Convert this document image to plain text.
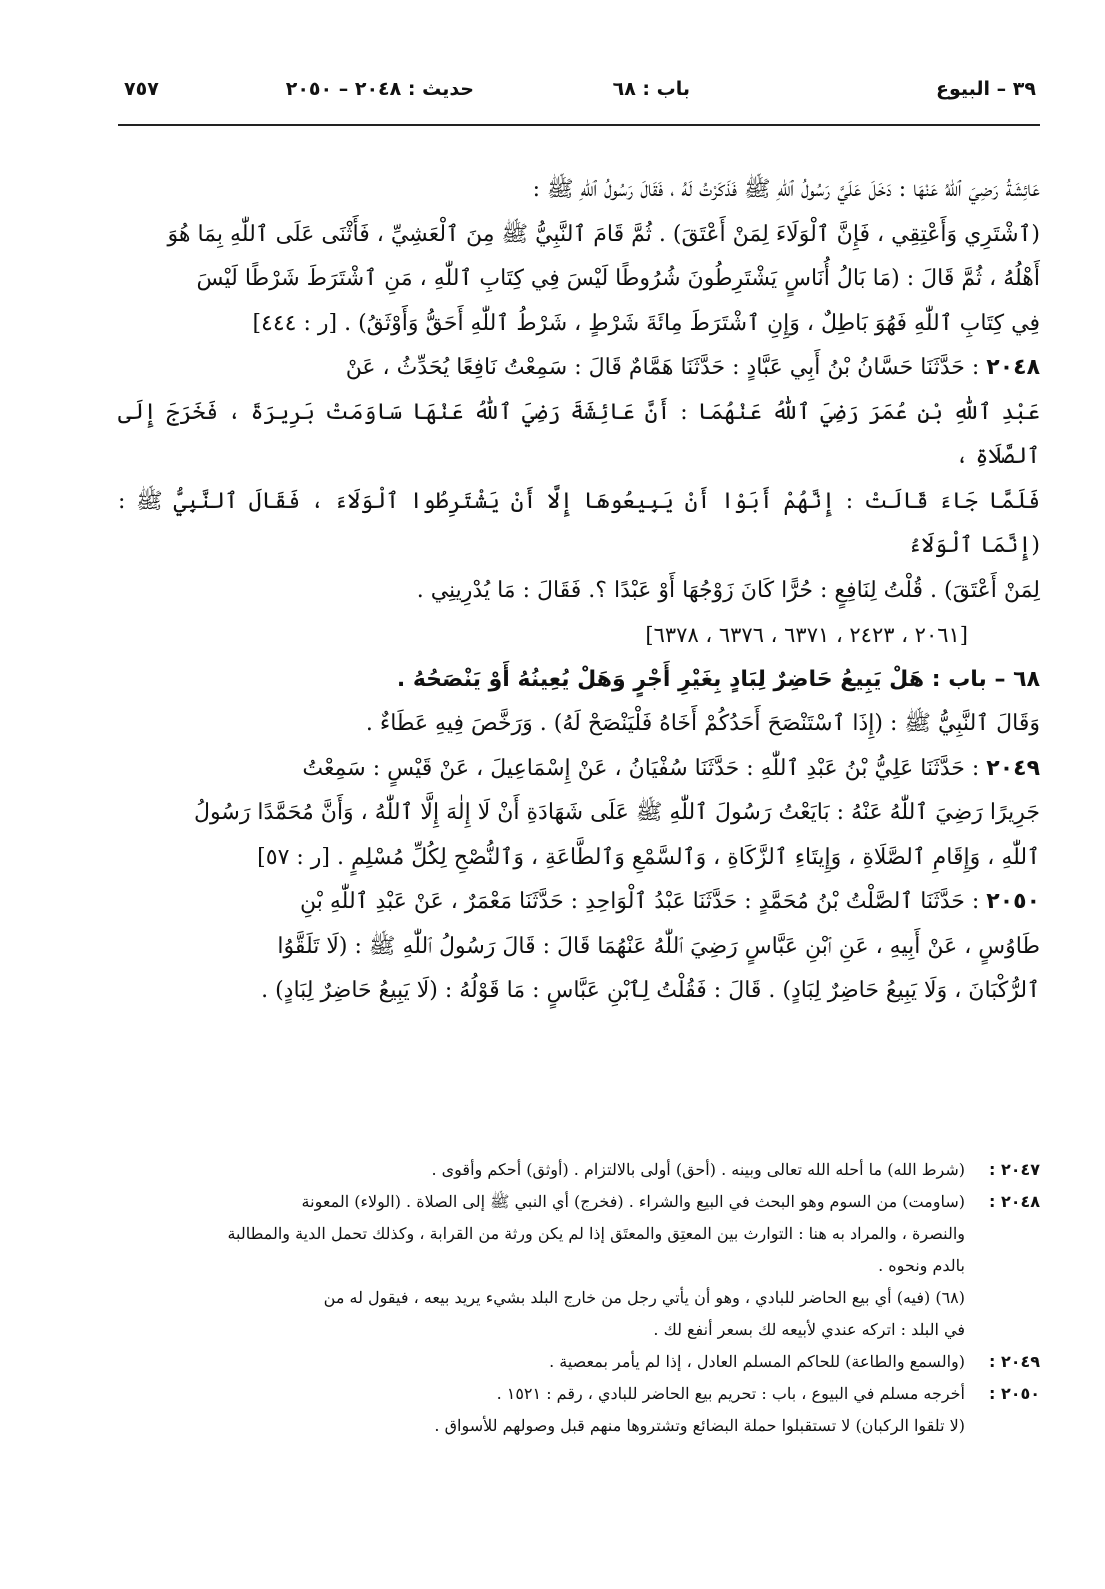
٣٩ – البيوع
باب : ٦٨
حديث : ٢٠٤٨ – ٢٠٥٠
٧٥٧

عَائِشَةُ رَضِيَ ٱللّٰهُ عَنْهَا : دَخَلَ عَلَيَّ رَسُولُ ٱللّٰهِ ﷺ فَذَكَرْتُ لَهُ ، فَقَالَ رَسُولُ ٱللّٰهِ ﷺ :

(ٱشْتَرِي وَأَعْتِقِي ، فَإِنَّ ٱلْوَلَاءَ لِمَنْ أَعْتَقَ) . ثُمَّ قَامَ ٱلنَّبِيُّ ﷺ مِنَ ٱلْعَشِيِّ ، فَأَثْنَى عَلَى ٱللّٰهِ بِمَا هُوَ

أَهْلُهُ ، ثُمَّ قَالَ : (مَا بَالُ أُنَاسٍ يَشْتَرِطُونَ شُرُوطًا لَيْسَ فِي كِتَابِ ٱللّٰهِ ، مَنِ ٱشْتَرَطَ شَرْطًا لَيْسَ

فِي كِتَابِ ٱللّٰهِ فَهُوَ بَاطِلٌ ، وَإِنِ ٱشْتَرَطَ مِائَةَ شَرْطٍ ، شَرْطُ ٱللّٰهِ أَحَقُّ وَأَوْثَقُ) . [ر : ٤٤٤]

٢٠٤٨ : حَدَّثَنَا حَسَّانُ بْنُ أَبِي عَبَّادٍ : حَدَّثَنَا هَمَّامٌ قَالَ : سَمِعْتُ نَافِعًا يُحَدِّثُ ، عَنْ

عَبْدِ ٱللّٰهِ بْنِ عُمَرَ رَضِيَ ٱللّٰهُ عَنْهُمَا : أَنَّ عَائِشَةَ رَضِيَ ٱللّٰهُ عَنْهَا سَاوَمَتْ بَرِيرَةَ ، فَخَرَجَ إِلَى ٱلصَّلَاةِ ،

فَلَمَّا جَاءَ قَالَتْ : إِنَّهُمْ أَبَوْا أَنْ يَبِيعُوهَا إِلَّا أَنْ يَشْتَرِطُوا ٱلْوَلَاءَ ، فَقَالَ ٱلنَّبِيُّ ﷺ : (إِنَّمَا ٱلْوَلَاءُ

لِمَنْ أَعْتَقَ) . قُلْتُ لِنَافِعٍ : حُرًّا كَانَ زَوْجُهَا أَوْ عَبْدًا ؟. فَقَالَ : مَا يُدْرِينِي .

[٢٠٦١ ، ٢٤٢٣ ، ٦٣٧١ ، ٦٣٧٦ ، ٦٣٧٨]

٦٨ – باب : هَلْ يَبِيعُ حَاضِرٌ لِبَادٍ بِغَيْرِ أَجْرٍ وَهَلْ يُعِينُهُ أَوْ يَنْصَحُهُ .

وَقَالَ ٱلنَّبِيُّ ﷺ : (إِذَا ٱسْتَنْصَحَ أَحَدُكُمْ أَخَاهُ فَلْيَنْصَحْ لَهُ) . وَرَخَّصَ فِيهِ عَطَاءٌ .

٢٠٤٩ : حَدَّثَنَا عَلِيُّ بْنُ عَبْدِ ٱللّٰهِ : حَدَّثَنَا سُفْيَانُ ، عَنْ إِسْمَاعِيلَ ، عَنْ قَيْسٍ : سَمِعْتُ

جَرِيرًا رَضِيَ ٱللّٰهُ عَنْهُ : بَايَعْتُ رَسُولَ ٱللّٰهِ ﷺ عَلَى شَهَادَةِ أَنْ لَا إِلٰهَ إِلَّا ٱللّٰهُ ، وَأَنَّ مُحَمَّدًا رَسُولُ

ٱللّٰهِ ، وَإِقَامِ ٱلصَّلَاةِ ، وَإِيتَاءِ ٱلزَّكَاةِ ، وَٱلسَّمْعِ وَٱلطَّاعَةِ ، وَٱلنُّصْحِ لِكُلِّ مُسْلِمٍ . [ر : ٥٧]

٢٠٥٠ : حَدَّثَنَا ٱلصَّلْتُ بْنُ مُحَمَّدٍ : حَدَّثَنَا عَبْدُ ٱلْوَاحِدِ : حَدَّثَنَا مَعْمَرٌ ، عَنْ عَبْدِ ٱللّٰهِ بْنِ

طَاوُسٍ ، عَنْ أَبِيهِ ، عَنِ ٱبْنِ عَبَّاسٍ رَضِيَ ٱللّٰهُ عَنْهُمَا قَالَ : قَالَ رَسُولُ ٱللّٰهِ ﷺ : (لَا تَلَقَّوُا

ٱلرُّكْبَانَ ، وَلَا يَبِيعُ حَاضِرٌ لِبَادٍ) . قَالَ : فَقُلْتُ لِٱبْنِ عَبَّاسٍ : مَا قَوْلُهُ : (لَا يَبِيعُ حَاضِرٌ لِبَادٍ) .

٢٠٤٧ :
(شرط الله) ما أحله الله تعالى وبينه . (أحق) أولى بالالتزام . (أوثق) أحكم وأقوى .
٢٠٤٨ :
(ساومت) من السوم وهو البحث في البيع والشراء . (فخرج) أي النبي ﷺ إلى الصلاة . (الولاء) المعونة
والنصرة ، والمراد به هنا : التوارث بين المعتِق والمعتَق إذا لم يكن ورثة من القرابة ، وكذلك تحمل الدية والمطالبة
بالدم ونحوه .
(٦٨) (فيه) أي بيع الحاضر للبادي ، وهو أن يأتي رجل من خارج البلد بشيء يريد بيعه ، فيقول له من
في البلد : اتركه عندي لأبيعه لك بسعر أنفع لك .
٢٠٤٩ :
(والسمع والطاعة) للحاكم المسلم العادل ، إذا لم يأمر بمعصية .
٢٠٥٠ :
أخرجه مسلم في البيوع ، باب : تحريم بيع الحاضر للبادي ، رقم : ١٥٢١ .
(لا تلقوا الركبان) لا تستقبلوا حملة البضائع وتشتروها منهم قبل وصولهم للأسواق .
